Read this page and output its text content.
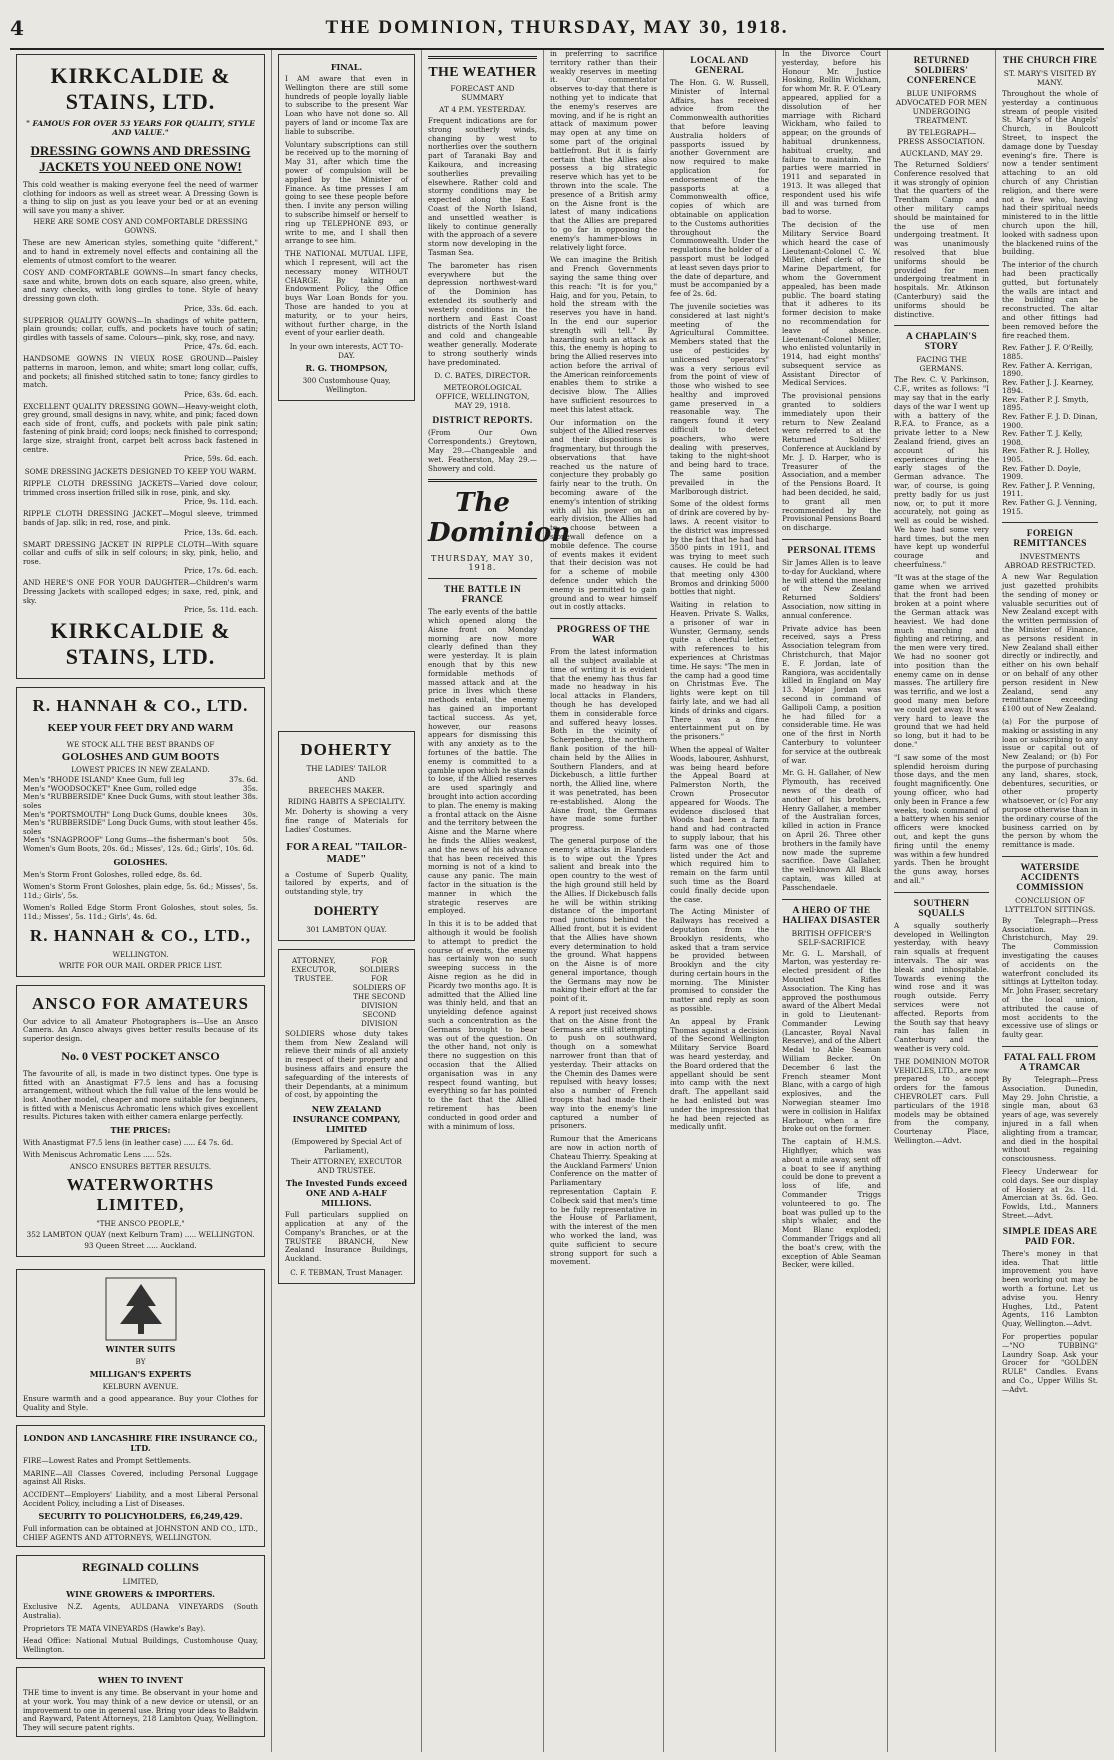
4	THE DOMINION, THURSDAY, MAY 30, 1918.
KIRKCALDIE & STAINS, LTD.
" FAMOUS FOR OVER 53 YEARS FOR QUALITY, STYLE AND VALUE."
DRESSING GOWNS AND DRESSING JACKETS YOU NEED ONE NOW!

This cold weather is making everyone feel the need of warmer clothing for indoors as well as street wear. A Dressing Gown is a thing to slip on just as you leave your bed or at an evening will save you many a shiver.

HERE ARE SOME COSY AND COMFORTABLE DRESSING GOWNS.

These are new American styles, something quite "different," and to hand in extremely novel effects and containing all the elements of utmost comfort to the wearer.

COSY AND COMFORTABLE GOWNS—In smart fancy checks, saxe and white, brown dots on each square, also green, white, and navy checks, with long girdles to tone. Style of heavy dressing gown cloth.

Price, 33s. 6d. each.

SUPERIOR QUALITY GOWNS—In shadings of white pattern, plain grounds; collar, cuffs, and pockets have touch of satin; girdles with tassels of same. Colours—pink, sky, rose, and navy.

Price, 47s. 6d. each.

HANDSOME GOWNS IN VIEUX ROSE GROUND—Paisley patterns in maroon, lemon, and white; smart long collar, cuffs, and pockets; all finished stitched satin to tone; fancy girdles to match.

Price, 63s. 6d. each.

EXCELLENT QUALITY DRESSING GOWN—Heavy-weight cloth, grey ground, small designs in navy, white, and pink; faced down each side of front, cuffs, and pockets with pale pink satin; fastening of pink braid; cord loops; neck finished to correspond; large size, straight front, carpet belt across back fastened in centre.

Price, 59s. 6d. each.
SOME DRESSING JACKETS DESIGNED TO KEEP YOU WARM.

RIPPLE CLOTH DRESSING JACKETS—Varied dove colour, trimmed cross insertion frilled silk in rose, pink, and sky.

Price, 9s. 11d. each.

RIPPLE CLOTH DRESSING JACKET—Mogul sleeve, trimmed bands of Jap. silk; in red, rose, and pink.

Price, 13s. 6d. each.

SMART DRESSING JACKET IN RIPPLE CLOTH—With square collar and cuffs of silk in self colours; in sky, pink, helio, and rose.

Price, 17s. 6d. each.

AND HERE'S ONE FOR YOUR DAUGHTER—Children's warm Dressing Jackets with scalloped edges; in saxe, red, pink, and sky.

Price, 5s. 11d. each.
KIRKCALDIE & STAINS, LTD.
R. HANNAH & CO., LTD.
KEEP YOUR FEET DRY AND WARM
WE STOCK ALL THE BEST BRANDS OF
GOLOSHES AND GUM BOOTS
LOWEST PRICES IN NEW ZEALAND.
Men's "RHODE ISLAND" Knee Gum, full leg	37s. 6d.
Men's "WOODSOCKET" Knee Gum, rolled edge	35s.
Men's "RUBBERSIDE" Knee Duck Gums, with stout leather soles
38s.
Men's "PORTSMOUTH" Long Duck Gums, double knees 30s.
Men's "RUBBERSIDE" Long Duck Gums, with stout leather soles
45s.
Men's "SNAGPROOF" Long Gums—the fisherman's boot 50s.
Women's Gum Boots, 20s. 6d.; Misses', 12s. 6d.; Girls', 10s. 6d.
GOLOSHES.
Men's Storm Front Goloshes, rolled edge, 8s. 6d.
Women's Storm Front Goloshes, plain edge, 5s. 6d.; Misses', 5s. 11d.; Girls', 5s.
Women's Rolled Edge Storm Front Goloshes, stout soles, 5s. 11d.; Misses', 5s. 11d.; Girls', 4s. 6d.
R. HANNAH & CO., LTD.,
WELLINGTON.
WRITE FOR OUR MAIL ORDER PRICE LIST.
ANSCO FOR AMATEURS

Our advice to all Amateur Photographers is—Use an Ansco Camera. An Ansco always gives better results because of its superior design.

No. 0 VEST POCKET ANSCO

The favourite of all, is made in two distinct types. One type is fitted with an Anastigmat F7.5 lens and has a focusing arrangement, without which the full value of the lens would be lost. Another model, cheaper and more suitable for beginners, is fitted with a Meniscus Achromatic lens which gives excellent results. Pictures taken with either camera enlarge perfectly.

THE PRICES:
With Anastigmat F7.5 lens (in leather case) ..... £4 7s. 6d.
With Meniscus Achromatic Lens ..... 52s.
ANSCO ENSURES BETTER RESULTS.
WATERWORTHS LIMITED,
"THE ANSCO PEOPLE,"
352 LAMBTON QUAY (next Kelburn Tram) ..... WELLINGTON.
93 Queen Street ..... Auckland.
WINTER SUITS
BY
MILLIGAN'S EXPERTS
KELBURN AVENUE.

Ensure warmth and a good appearance. Buy your Clothes for Quality and Style.

LONDON AND LANCASHIRE FIRE INSURANCE CO., LTD.

FIRE—Lowest Rates and Prompt Settlements.

MARINE—All Classes Covered, including Personal Luggage against All Risks.

ACCIDENT—Employers' Liability, and a most Liberal Personal Accident Policy, including a List of Diseases.

SECURITY TO POLICYHOLDERS, £6,249,429.

Full information can be obtained at JOHNSTON AND CO., LTD., CHIEF AGENTS AND ATTORNEYS, WELLINGTON.

REGINALD COLLINS
LIMITED,
WINE GROWERS & IMPORTERS.

Exclusive N.Z. Agents, AULDANA VINEYARDS (South Australia).

Proprietors TE MATA VINEYARDS (Hawke's Bay).

Head Office: National Mutual Buildings, Customhouse Quay, Wellington.

WHEN TO INVENT

THE time to invent is any time. Be observant in your home and at your work. You may think of a new device or utensil, or an improvement to one in general use. Bring your ideas to Baldwin and Rayward, Patent Attorneys, 218 Lambton Quay, Wellington. They will secure patent rights.

FINAL.

I AM aware that even in Wellington there are still some hundreds of people loyally liable to subscribe to the present War Loan who have not done so. All payers of land or income Tax are liable to subscribe.

Voluntary subscriptions can still be received up to the morning of May 31, after which time the power of compulsion will be applied by the Minister of Finance. As time presses I am going to see these people before then. I invite any person willing to subscribe himself or herself to ring up TELEPHONE 893, or write to me, and I shall then arrange to see him.

THE NATIONAL MUTUAL LIFE, which I represent, will act the necessary money WITHOUT CHARGE. By taking an Endowment Policy, the Office buys War Loan Bonds for you. Those are handed to you at maturity, or to your heirs, without further charge, in the event of your earlier death.

In your own interests, ACT TO-DAY.
R. G. THOMPSON,
300 Customhouse Quay, Wellington.
DOHERTY
THE LADIES' TAILOR
AND
BREECHES MAKER.
RIDING HABITS A SPECIALITY.

Mr. Doherty is showing a very fine range of Materials for Ladies' Costumes.

FOR A REAL "TAILOR-MADE"

a Costume of Superb Quality, tailored by experts, and of outstanding style, try

DOHERTY
301 LAMBTON QUAY.
ATTORNEY, EXECUTOR, TRUSTEE.
FOR SOLDIERS FOR SOLDIERS OF THE SECOND DIVISION SECOND DIVISION

SOLDIERS whose duty takes them from New Zealand will relieve their minds of all anxiety in respect of their property and business affairs and ensure the safeguarding of the interests of their Dependants, at a minimum of cost, by appointing the

NEW ZEALAND INSURANCE COMPANY, LIMITED
(Empowered by Special Act of Parliament),
Their ATTORNEY, EXECUTOR AND TRUSTEE.
The Invested Funds exceed ONE AND A-HALF MILLIONS.

Full particulars supplied on application at any of the Company's Branches, or at the TRUSTEE BRANCH, New Zealand Insurance Buildings, Auckland.

C. F. TEBMAN, Trust Manager.
THE WEATHER
FORECAST AND SUMMARY
AT 4 P.M. YESTERDAY.

Frequent indications are for strong southerly winds, changing by west to northerlies over the southern part of Taranaki Bay and Kaikoura, and increasing southerlies prevailing elsewhere. Rather cold and stormy conditions may be expected along the East Coast of the North Island, and unsettled weather is likely to continue generally with the approach of a severe storm now developing in the Tasman Sea.

The barometer has risen everywhere but the depression northwest-ward of the Dominion has extended its southerly and westerly conditions in the northern and East Coast districts of the North Island and cold and changeable weather generally. Moderate to strong southerly winds have predominated.

D. C. BATES, DIRECTOR.
METEOROLOGICAL OFFICE, WELLINGTON, MAY 29, 1918.
DISTRICT REPORTS.

(From Our Own Correspondents.) Greytown, May 29.—Changeable and wet. Featherston, May 29.—Showery and cold.

The Dominion
THURSDAY, MAY 30, 1918.
THE BATTLE IN FRANCE

The early events of the battle which opened along the Aisne front on Monday morning are now more clearly defined than they were yesterday. It is plain enough that by this new formidable methods of massed attack and at the price in lives which these methods entail, the enemy has gained an important tactical success. As yet, however, our reasons appears for dismissing this with any anxiety as to the fortunes of the battle. The enemy is committed to a gamble upon which he stands to lose, if the Allied reserves are used sparingly and brought into action according to plan. The enemy is making a frontal attack on the Aisne and the territory between the Aisne and the Marne where he finds the Allies weakest, and the news of his advance that has been received this morning is not of a kind to cause any panic. The main factor in the situation is the manner in which the strategic reserves are employed.

In this it is to be added that although it would be foolish to attempt to predict the course of events, the enemy has certainly won no such sweeping success in the Aisne region as he did in Picardy two months ago. It is admitted that the Allied line was thinly held, and that an unyielding defence against such a concentration as the Germans brought to bear was out of the question. On the other hand, not only is there no suggestion on this occasion that the Allied organisation was in any respect found wanting, but everything so far has pointed to the fact that the Allied retirement has been conducted in good order and with a minimum of loss.

in preferring to sacrifice territory rather than their weakly reserves in meeting it. Our commentator observes to-day that there is nothing yet to indicate that the enemy's reserves are moving, and if he is right an attack of maximum power may open at any time on some part of the original battlefront. But it is fairly certain that the Allies also possess a big strategic reserve which has yet to be thrown into the scale. The presence of a British army on the Aisne front is the latest of many indications that the Allies are prepared to go far in opposing the enemy's hammer-blows in relatively light force.

We can imagine the British and French Governments saying the same thing over this reach: "It is for you," Haig, and for you, Petain, to hold the stream with the reserves you have in hand. In the end our superior strength will tell." By hazarding such an attack as this, the enemy is hoping to bring the Allied reserves into action before the arrival of the American reinforcements enables them to strike a decisive blow. The Allies have sufficient resources to meet this latest attack.

Our information on the subject of the Allied reserves and their dispositions is fragmentary, but through the observations that have reached us the nature of conjecture they probably go fairly near to the truth. On becoming aware of the enemy's intention of striking with all his power on an early division, the Allies had to choose between a stonewall defence on a mobile defence. The course of events makes it evident that their decision was not for a scheme of mobile defence under which the enemy is permitted to gain ground and to wear himself out in costly attacks.

PROGRESS OF THE WAR

From the latest information all the subject available at time of writing it is evident that the enemy has thus far made no headway in his local attacks in Flanders, though he has developed them in considerable force and suffered heavy losses. Both in the vicinity of Scherpenberg, the northern flank position of the hill-chain held by the Allies in Southern Flanders, and at Dickebusch, a little further north, the Allied line, where it was penetrated, has been re-established. Along the Aisne front, the Germans have made some further progress.

The general purpose of the enemy's attacks in Flanders is to wipe out the Ypres salient and break into the open country to the west of the high ground still held by the Allies. If Dickebusch falls he will be within striking distance of the important road junctions behind the Allied front, but it is evident that the Allies have shown every determination to hold the ground. What happens on the Aisne is of more general importance, though the Germans may now be making their effort at the far point of it.

A report just received shows that on the Aisne front the Germans are still attempting to push on southward, though on a somewhat narrower front than that of yesterday. Their attacks on the Chemin des Dames were repulsed with heavy losses; also a number of French troops that had made their way into the enemy's line captured a number of prisoners.

Rumour that the Americans are now in action north of Chateau Thierry. Speaking at the Auckland Farmers' Union Conference on the matter of Parliamentary representation Captain F. Colbeck said that men's time to be fully representative in the House of Parliament, with the interest of the men who worked the land, was quite sufficient to secure strong support for such a movement.

LOCAL AND GENERAL

The Hon. G. W. Russell, Minister of Internal Affairs, has received advice from the Commonwealth authorities that before leaving Australia holders of passports issued by another Government are now required to make application for endorsement of the passports at a Commonwealth office, copies of which are obtainable on application to the Customs authorities throughout the Commonwealth. Under the regulations the holder of a passport must be lodged at least seven days prior to the date of departure, and must be accompanied by a fee of 2s. 6d.

The juvenile societies was considered at last night's meeting of the Agricultural Committee. Members stated that the use of pesticides by unlicensed "operators" was a very serious evil from the point of view of those who wished to see healthy and improved game preserved in a reasonable way. The rangers found it very difficult to detect poachers, who were dealing with preserves, taking to the night-shoot and being hard to trace. The same position prevailed in the Marlborough district.

Some of the oldest forms of drink are covered by by-laws. A recent visitor to the district was impressed by the fact that he had had 3500 pints in 1911, and was trying to meet such causes. He could be had that meeting only 4300 Bromos and drinking 5000 bottles that night.

Waiting in relation to Heaven. Private S. Walks, a prisoner of war in Wunster, Germany, sends quite a cheerful letter, with references to his experiences at Christmas time. He says: "The men in the camp had a good time on Christmas Eve. The lights were kept on till fairly late, and we had all kinds of drinks and cigars. There was a fine entertainment put on by the prisoners."

When the appeal of Walter Woods, labourer, Ashhurst, was being heard before the Appeal Board at Palmerston North, the Crown Prosecutor appeared for Woods. The evidence disclosed that Woods had been a farm hand and had contracted to supply labour, that his farm was one of those listed under the Act and which required him to remain on the farm until such time as the Board could finally decide upon the case.

The Acting Minister of Railways has received a deputation from the Brooklyn residents, who asked that a tram service be provided between Brooklyn and the city during certain hours in the morning. The Minister promised to consider the matter and reply as soon as possible.

An appeal by Frank Thomas against a decision of the Second Wellington Military Service Board was heard yesterday, and the Board ordered that the appellant should be sent into camp with the next draft. The appellant said he had enlisted but was under the impression that he had been rejected as medically unfit.

In the Divorce Court yesterday, before his Honour Mr. Justice Hosking, Rollin Wickham, for whom Mr. R. F. O'Leary appeared, applied for a dissolution of her marriage with Richard Wickham, who failed to appear, on the grounds of habitual drunkenness, habitual cruelty, and failure to maintain. The parties were married in 1911 and separated in 1913. It was alleged that respondent used his wife ill and was turned from bad to worse.

The decision of the Military Service Board which heard the case of Lieutenant-Colonel C. W. Miller, chief clerk of the Marine Department, for whom the Government appealed, has been made public. The board stating that it adheres to its former decision to make no recommendation for leave of absence. Lieutenant-Colonel Miller, who enlisted voluntarily in 1914, had eight months' subsequent service as Assistant Director of Medical Services.

The provisional pensions granted to soldiers immediately upon their return to New Zealand were referred to at the Returned Soldiers' Conference at Auckland by Mr. J. D. Harper, who is Treasurer of the Association, and a member of the Pensions Board. It had been decided, he said, to grant all men recommended by the Provisional Pensions Board on discharge.

PERSONAL ITEMS

Sir James Allen is to leave to-day for Auckland, where he will attend the meeting of the New Zealand Returned Soldiers' Association, now sitting in annual conference.

Private advice has been received, says a Press Association telegram from Christchurch, that Major E. F. Jordan, late of Rangiora, was accidentally killed in England on May 13. Major Jordan was second in command of Gallipoli Camp, a position he had filled for a considerable time. He was one of the first in North Canterbury to volunteer for service at the outbreak of war.

Mr. G. H. Gallaher, of New Plymouth, has received news of the death of another of his brothers, Henry Gallaher, a member of the Australian forces, killed in action in France on April 26. Three other brothers in the family have now made the supreme sacrifice. Dave Gallaher, the well-known All Black captain, was killed at Passchendaele.

A HERO OF THE HALIFAX DISASTER
BRITISH OFFICER'S SELF-SACRIFICE

Mr. G. L. Marshall, of Marton, was yesterday re-elected president of the Mounted Rifles Association. The King has approved the posthumous award of the Albert Medal in gold to Lieutenant-Commander Lewing (Lancaster, Royal Naval Reserve), and of the Albert Medal to Able Seaman William Becker. On December 6 last the French steamer Mont Blanc, with a cargo of high explosives, and the Norwegian steamer Imo were in collision in Halifax Harbour, when a fire broke out on the former.

The captain of H.M.S. Highflyer, which was about a mile away, sent off a boat to see if anything could be done to prevent a loss of life, and Commander Triggs volunteered to go. The boat was pulled up to the ship's whaler, and the Mont Blanc exploded; Commander Triggs and all the boat's crew, with the exception of Able Seaman Becker, were killed.

RETURNED SOLDIERS' CONFERENCE
BLUE UNIFORMS ADVOCATED FOR MEN UNDERGOING TREATMENT.
BY TELEGRAPH—PRESS ASSOCIATION.
AUCKLAND, MAY 29.

The Returned Soldiers' Conference resolved that it was strongly of opinion that the quarters of the Trentham Camp and other military camps should be maintained for the use of men undergoing treatment. It was unanimously resolved that blue uniforms should be provided for men undergoing treatment in hospitals. Mr. Atkinson (Canterbury) said the uniforms should be distinctive.

A CHAPLAIN'S STORY
FACING THE GERMANS.

The Rev. C. V. Parkinson, C.F., writes as follows: "I may say that in the early days of the war I went up with a battery of the R.F.A. to France, as a private letter to a New Zealand friend, gives an account of his experiences during the early stages of the German advance. The war, of course, is going pretty badly for us just now, or, to put it more accurately, not going as well as could be wished. We have had some very hard times, but the men have kept up wonderful courage and cheerfulness."

"It was at the stage of the game when we arrived that the front had been broken at a point where the German attack was heaviest. We had done much marching and fighting and retiring, and the men were very tired. We had no sooner got into position than the enemy came on in dense masses. The artillery fire was terrific, and we lost a good many men before we could get away. It was very hard to leave the ground that we had held so long, but it had to be done."

"I saw some of the most splendid heroism during those days, and the men fought magnificently. One young officer, who had only been in France a few weeks, took command of a battery when his senior officers were knocked out, and kept the guns firing until the enemy was within a few hundred yards. Then he brought the guns away, horses and all."

SOUTHERN SQUALLS

A squally southerly developed in Wellington yesterday, with heavy rain squalls at frequent intervals. The air was bleak and inhospitable. Towards evening the wind rose and it was rough outside. Ferry services were not affected. Reports from the South say that heavy rain has fallen in Canterbury and the weather is very cold.

THE DOMINION MOTOR VEHICLES, LTD., are now prepared to accept orders for the famous CHEVROLET cars. Full particulars of the 1918 models may be obtained from the company, Courtenay Place, Wellington.—Advt.

THE CHURCH FIRE
ST. MARY'S VISITED BY MANY.

Throughout the whole of yesterday a continuous stream of people visited St. Mary's of the Angels' Church, in Boulcott Street, to inspect the damage done by Tuesday evening's fire. There is now a tender sentiment attaching to an old church of any Christian religion, and there were not a few who, having had their spiritual needs ministered to in the little church upon the hill, looked with sadness upon the blackened ruins of the building.

The interior of the church had been practically gutted, but fortunately the walls are intact and the building can be reconstructed. The altar and other fittings had been removed before the fire reached them.

Rev. Father J. F. O'Reilly, 1885.
Rev. Father A. Kerrigan, 1890.
Rev. Father J. J. Kearney, 1894.
Rev. Father P. J. Smyth, 1895.
Rev. Father F. J. D. Dinan, 1900.
Rev. Father T. J. Kelly, 1908.
Rev. Father R. J. Holley, 1905.
Rev. Father D. Doyle, 1909.
Rev. Father J. P. Venning, 1911.
Rev. Father G. J. Venning, 1915.
FOREIGN REMITTANCES
INVESTMENTS ABROAD RESTRICTED.

A new War Regulation just gazetted prohibits the sending of money or valuable securities out of New Zealand except with the written permission of the Minister of Finance, as persons resident in New Zealand shall either directly or indirectly, and either on his own behalf or on behalf of any other person resident in New Zealand, send any remittance exceeding £100 out of New Zealand.

(a) For the purpose of making or assisting in any loan or subscribing to any issue or capital out of New Zealand; or (b) For the purpose of purchasing any land, shares, stock, debentures, securities, or other property whatsoever, or (c) For any purpose otherwise than in the ordinary course of the business carried on by the person by whom the remittance is made.

WATERSIDE ACCIDENTS COMMISSION
CONCLUSION OF LYTTELTON SITTINGS.

By Telegraph—Press Association. Christchurch, May 29. The Commission investigating the causes of accidents on the waterfront concluded its sittings at Lyttelton today. Mr. John Fraser, secretary of the local union, attributed the cause of most accidents to the excessive use of slings or faulty gear.

FATAL FALL FROM A TRAMCAR

By Telegraph—Press Association. Dunedin, May 29. John Christie, a single man, about 63 years of age, was severely injured in a fall when alighting from a tramcar, and died in the hospital without regaining consciousness.

Fleecy Underwear for cold days. See our display of Hosiery at 2s. 11d. Amercian at 3s. 6d. Geo. Fowlds, Ltd., Manners Street.—Advt.

SIMPLE IDEAS ARE PAID FOR.

There's money in that idea. That little improvement you have been working out may be worth a fortune. Let us advise you. Henry Hughes, Ltd., Patent Agents, 116 Lambton Quay, Wellington.—Advt.

For properties popular—"NO TUBBING" Laundry Soap. Ask your Grocer for "GOLDEN RULE" Candles. Evans and Co., Upper Willis St.—Advt.
